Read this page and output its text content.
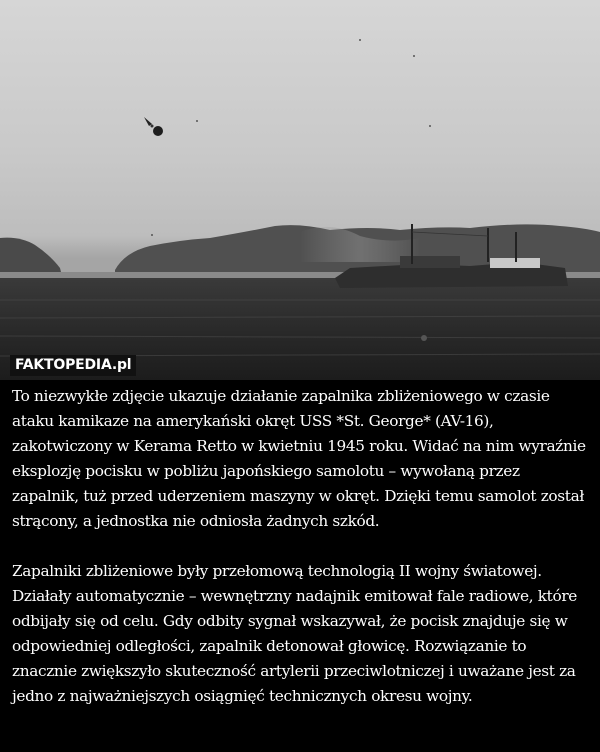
FAKTOPEDIA.pl

To niezwykłe zdjęcie ukazuje działanie zapalnika zbliżeniowego w czasie ataku kamikaze na amerykański okręt USS *St. George* (AV-16), zakotwiczony w Kerama Retto w kwietniu 1945 roku. Widać na nim wyraźnie eksplozję pocisku w pobliżu japońskiego samolotu – wywołaną przez zapalnik, tuż przed uderzeniem maszyny w okręt. Dzięki temu samolot został strącony, a jednostka nie odniosła żadnych szkód.

Zapalniki zbliżeniowe były przełomową technologią II wojny światowej. Działały automatycznie – wewnętrzny nadajnik emitował fale radiowe, które odbijały się od celu. Gdy odbity sygnał wskazywał, że pocisk znajduje się w odpowiedniej odległości, zapalnik detonował głowicę. Rozwiązanie to znacznie zwiększyło skuteczność artylerii przeciwlotniczej i uważane jest za jedno z najważniejszych osiągnięć technicznych okresu wojny.
